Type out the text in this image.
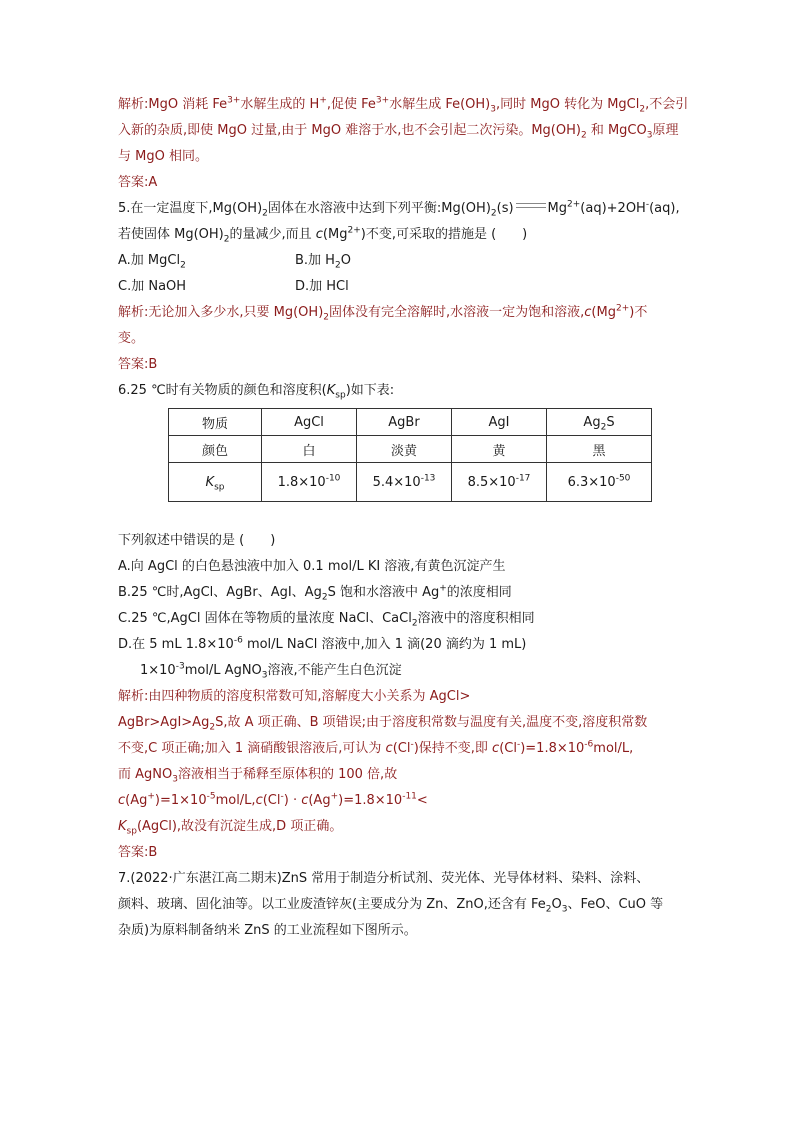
解析:MgO 消耗 $Fe^{3+}$水解生成的 H+,促使 $Fe^{3+}$水解生成 $Fe(OH)_3$,同时 MgO 转化为 MgCl$_2$,不会引
入新的杂质,即使 MgO 过量,由于 MgO 难溶于水,也不会引起二次污染。$Mg(OH)_2$ 和 MgCO$_3$原理
与 MgO 相同。
答案:A
5.在一定温度下$,Mg(OH)_2$固体在水溶液中达到下列平衡$:Mg(OH)_2(s)$	$Mg^{2+}(aq)+2OH^-(aq)$,
若使固体 $Mg(OH)_2$的量减少,而且 $c(Mg^{2+})$不变,可采取的措施是 (　　)
A.加 MgCl$_2$	B.加 $H_2O$
C.加 NaOH	D.加 HCl
解析:无论加入多少水,只要 $Mg(OH)_2$固体没有完全溶解时,水溶液一定为饱和溶液$,c(Mg^{2+})$不
变。
答案:B
6.25 ℃时有关物质的颜色和溶度积$(K_{sp})$如下表:
物质	AgCl	AgBr	AgI	$Ag_2S$
颜色	白	淡黄	黄	黑
$K_{sp}$	$1.8\times 10^{-10}$	$5.4\times 10^{-13}$	$8.5\times 10^{-17}$	$6.3\times 10^{-50}$
下列叙述中错误的是 (　　)
A.向 AgCl 的白色悬浊液中加入 0.1 mol/L KI 溶液,有黄色沉淀产生
B.25 ℃时,AgCl、AgBr、AgI、$Ag_2S$ 饱和水溶液中 Ag+的浓度相同
C.25 ℃,AgCl 固体在等物质的量浓度 NaCl、CaCl$_2$溶液中的溶度积相同
D.在 5 mL $1.8\times 10^{-6}$ mol/L NaCl 溶液中,加入 1 滴(20 滴约为 1 mL)
$1\times 10^{-3}mol/L$ AgNO$_3$溶液,不能产生白色沉淀
解析:由四种物质的溶度积常数可知,溶解度大小关系为 AgCl>
$AgBr>AgI>Ag_2S$,故 A 项正确、B 项错误;由于溶度积常数与温度有关,温度不变,溶度积常数
不变,C 项正确;加入 1 滴硝酸银溶液后,可认为 c(Cl-)保持不变,即 $c(Cl^-)=1.8\times 10^{-6}mol/L$,
而 AgNO$_3$溶液相当于稀释至原体积的 100 倍,故
$c(Ag^+)=1\times 10^{-5}mol/L,c(Cl^-) \cdot c(Ag^+)=1.8\times 10^{-11}<$
$K_{sp}(AgCl)$,故没有沉淀生成,D 项正确。
答案:B
7.(2022·广东湛江高二期末)ZnS 常用于制造分析试剂、荧光体、光导体材料、染料、涂料、
颜料、玻璃、固化油等。以工业废渣锌灰(主要成分为 Zn、ZnO,还含有 $Fe_2O_3$、FeO、CuO 等
杂质)为原料制备纳米 ZnS 的工业流程如下图所示。
